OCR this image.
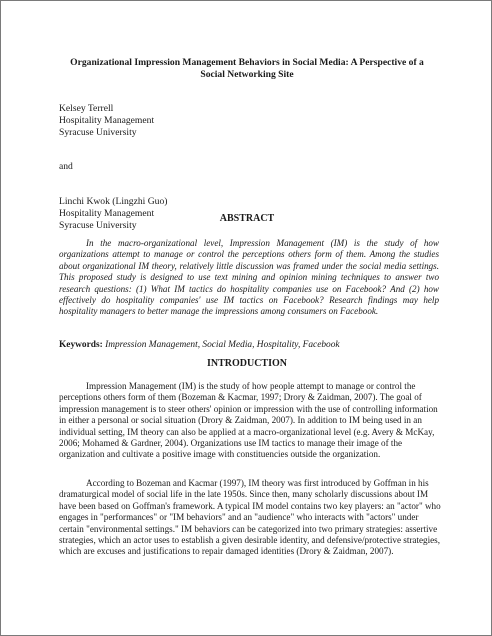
Organizational Impression Management Behaviors in Social Media: A Perspective of a Social Networking Site
Kelsey Terrell
Hospitality Management
Syracuse University
and
Linchi Kwok (Lingzhi Guo)
Hospitality Management
Syracuse University
ABSTRACT
In the macro-organizational level, Impression Management (IM) is the study of how organizations attempt to manage or control the perceptions others form of them. Among the studies about organizational IM theory, relatively little discussion was framed under the social media settings. This proposed study is designed to use text mining and opinion mining techniques to answer two research questions: (1) What IM tactics do hospitality companies use on Facebook? And (2) how effectively do hospitality companies' use IM tactics on Facebook? Research findings may help hospitality managers to better manage the impressions among consumers on Facebook.
Keywords: Impression Management, Social Media, Hospitality, Facebook
INTRODUCTION
Impression Management (IM) is the study of how people attempt to manage or control the perceptions others form of them (Bozeman & Kacmar, 1997; Drory & Zaidman, 2007). The goal of impression management is to steer others' opinion or impression with the use of controlling information in either a personal or social situation (Drory & Zaidman, 2007). In addition to IM being used in an individual setting, IM theory can also be applied at a macro-organizational level (e.g. Avery & McKay, 2006; Mohamed & Gardner, 2004). Organizations use IM tactics to manage their image of the organization and cultivate a positive image with constituencies outside the organization.
According to Bozeman and Kacmar (1997), IM theory was first introduced by Goffman in his dramaturgical model of social life in the late 1950s. Since then, many scholarly discussions about IM have been based on Goffman's framework. A typical IM model contains two key players: an "actor" who engages in "performances" or "IM behaviors" and an "audience" who interacts with "actors" under certain "environmental settings." IM behaviors can be categorized into two primary strategies: assertive strategies, which an actor uses to establish a given desirable identity, and defensive/protective strategies, which are excuses and justifications to repair damaged identities (Drory & Zaidman, 2007).
